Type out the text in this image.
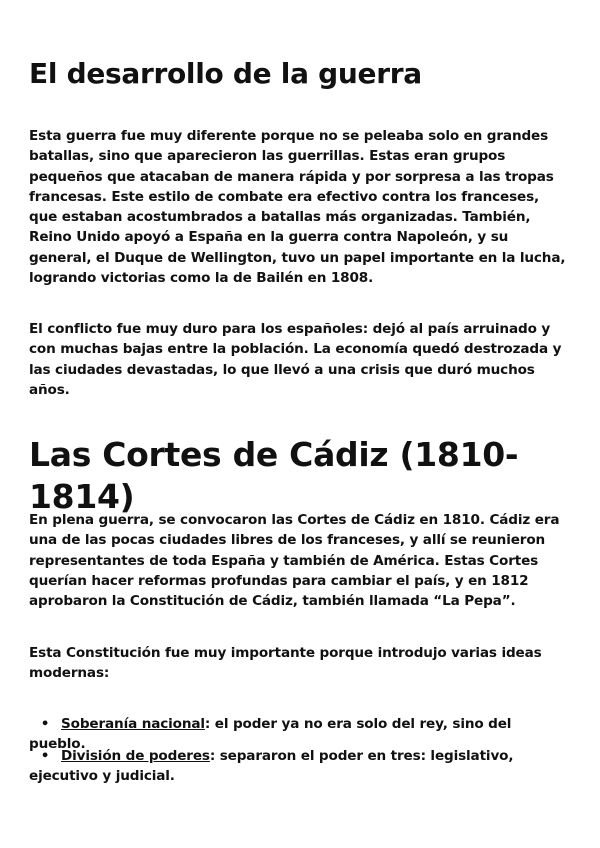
El desarrollo de la guerra

Esta guerra fue muy diferente porque no se peleaba solo en grandes batallas, sino que aparecieron las guerrillas. Estas eran grupos pequeños que atacaban de manera rápida y por sorpresa a las tropas francesas. Este estilo de combate era efectivo contra los franceses, que estaban acostumbrados a batallas más organizadas. También, Reino Unido apoyó a España en la guerra contra Napoleón, y su general, el Duque de Wellington, tuvo un papel importante en la lucha, logrando victorias como la de Bailén en 1808.

El conflicto fue muy duro para los españoles: dejó al país arruinado y con muchas bajas entre la población. La economía quedó destrozada y las ciudades devastadas, lo que llevó a una crisis que duró muchos años.

Las Cortes de Cádiz (1810-1814)

En plena guerra, se convocaron las Cortes de Cádiz en 1810. Cádiz era una de las pocas ciudades libres de los franceses, y allí se reunieron representantes de toda España y también de América. Estas Cortes querían hacer reformas profundas para cambiar el país, y en 1812 aprobaron la Constitución de Cádiz, también llamada “La Pepa”.

Esta Constitución fue muy importante porque introdujo varias ideas modernas:

• Soberanía nacional: el poder ya no era solo del rey, sino del pueblo.
• División de poderes: separaron el poder en tres: legislativo, ejecutivo y judicial.
